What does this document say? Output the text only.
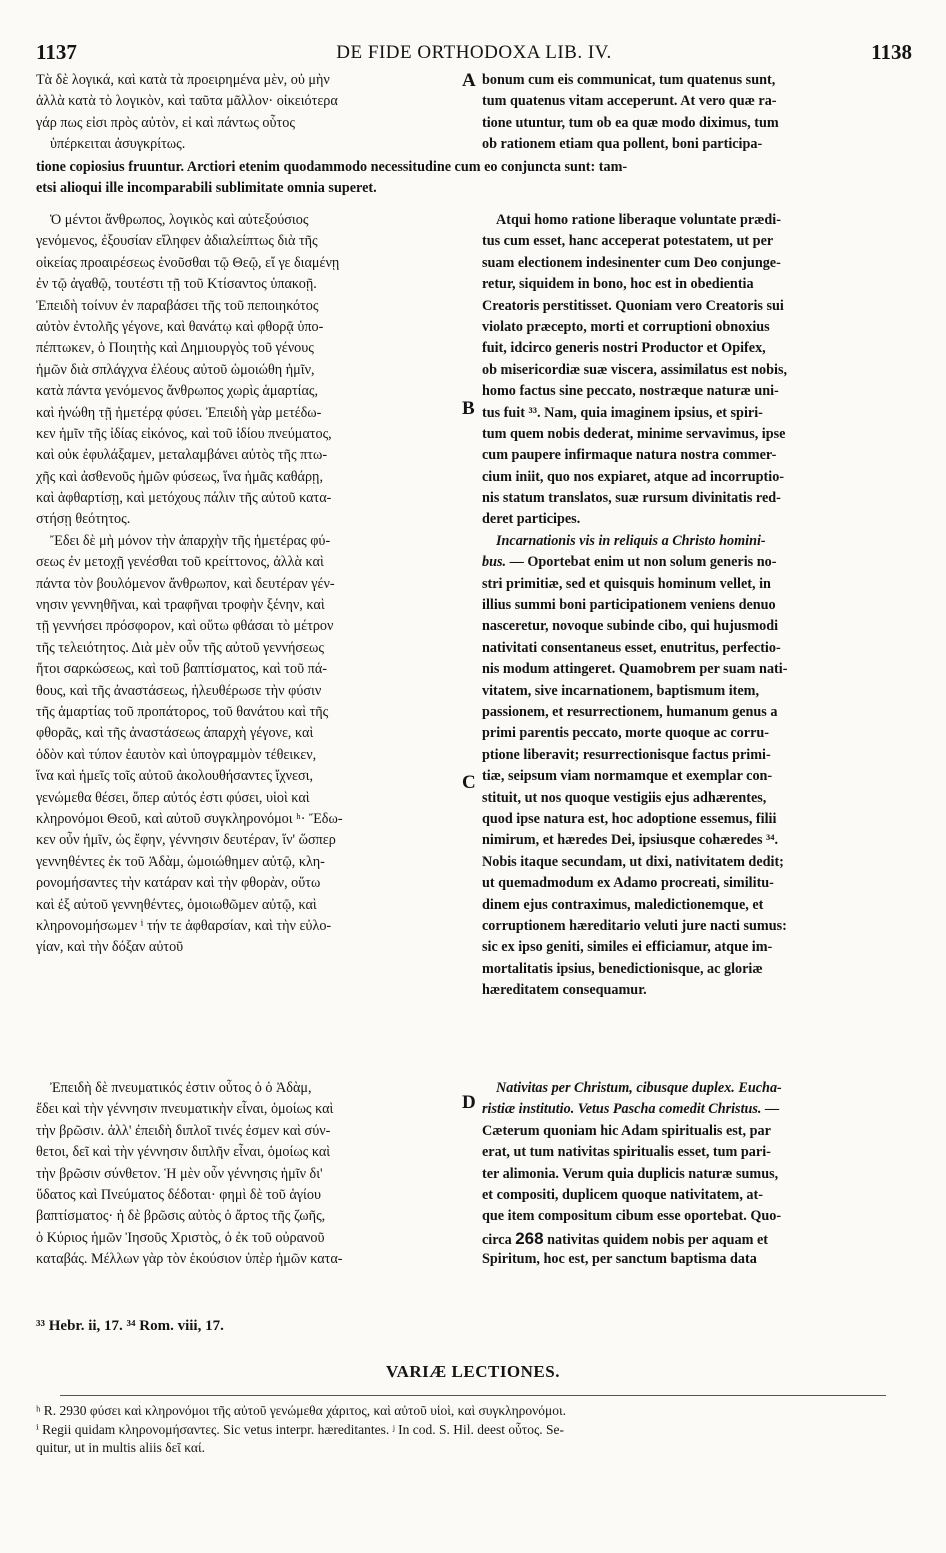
1137	DE FIDE ORTHODOXA LIB. IV.	1138
Τὰ δὲ λογικά, καὶ κατὰ τὰ προειρημένα μὲν, οὐ μὴν
ἀλλὰ κατὰ τὸ λογικὸν, καὶ ταῦτα μᾶλλον· οἰκειότερα
γάρ πως εἰσι πρὸς αὐτὸν, εἰ καὶ πάντως οὗτος
ὑπέρκειται ἀσυγκρίτως.
bonum cum eis communicat, tum quatenus sunt,
tum quatenus vitam acceperunt. At vero quæ ra-
tione utuntur, tum ob ea quæ modo diximus, tum
ob rationem etiam qua pollent, boni participa-
tione copiosius fruuntur. Arctiori etenim quodammodo necessitudine cum eo conjuncta sunt: tam-
etsi alioqui ille incomparabili sublimitate omnia superet.
Ὁ μέντοι ἄνθρωπος, λογικὸς καὶ αὐτεξούσιος
γενόμενος, ἐξουσίαν εἴληφεν ἀδιαλείπτως διὰ τῆς
οἰκείας προαιρέσεως ἑνοῦσθαι τῷ Θεῷ, εἴ γε διαμένῃ
ἐν τῷ ἀγαθῷ, τουτέστι τῇ τοῦ Κτίσαντος ὑπακοῇ.
Ἐπειδὴ τοίνυν ἐν παραβάσει τῆς τοῦ πεποιηκότος
αὐτὸν ἐντολῆς γέγονε, καὶ θανάτῳ καὶ φθορᾷ ὑπο-
πέπτωκεν, ὁ Ποιητὴς καὶ Δημιουργὸς τοῦ γένους
ἡμῶν διὰ σπλάγχνα ἐλέους αὐτοῦ ὡμοιώθη ἡμῖν,
κατὰ πάντα γενόμενος ἄνθρωπος χωρὶς ἁμαρτίας,
καὶ ἡνώθη τῇ ἡμετέρᾳ φύσει. Ἐπειδὴ γὰρ μετέδω-
κεν ἡμῖν τῆς ἰδίας εἰκόνος, καὶ τοῦ ἰδίου πνεύματος,
καὶ οὐκ ἐφυλάξαμεν, μεταλαμβάνει αὐτὸς τῆς πτω-
χῆς καὶ ἀσθενοῦς ἡμῶν φύσεως, ἵνα ἡμᾶς καθάρῃ,
καὶ ἀφθαρτίσῃ, καὶ μετόχους πάλιν τῆς αὐτοῦ κατα-
στήσῃ θεότητος.
Ἔδει δὲ μὴ μόνον τὴν ἀπαρχὴν τῆς ἡμετέρας φύ-
σεως ἐν μετοχῇ γενέσθαι τοῦ κρείττονος, ἀλλὰ καὶ
πάντα τὸν βουλόμενον ἄνθρωπον, καὶ δευτέραν γέν-
νησιν γεννηθῆναι, καὶ τραφῆναι τροφὴν ξένην, καὶ
τῇ γεννήσει πρόσφορον, καὶ οὕτω φθάσαι τὸ μέτρον
τῆς τελειότητος. Διὰ μὲν οὖν τῆς αὐτοῦ γεννήσεως
ἤτοι σαρκώσεως, καὶ τοῦ βαπτίσματος, καὶ τοῦ πά-
θους, καὶ τῆς ἀναστάσεως, ἠλευθέρωσε τὴν φύσιν
τῆς ἁμαρτίας τοῦ προπάτορος, τοῦ θανάτου καὶ τῆς
φθορᾶς, καὶ τῆς ἀναστάσεως ἀπαρχὴ γέγονε, καὶ
ὁδὸν καὶ τύπον ἑαυτὸν καὶ ὑπογραμμὸν τέθεικεν,
ἵνα καὶ ἡμεῖς τοῖς αὐτοῦ ἀκολουθήσαντες ἴχνεσι,
γενώμεθα θέσει, ὅπερ αὐτός ἐστι φύσει, υἱοὶ καὶ
κληρονόμοι Θεοῦ, καὶ αὐτοῦ συγκληρονόμοι ʰ· Ἔδω-
κεν οὖν ἡμῖν, ὡς ἔφην, γέννησιν δευτέραν, ἵν' ὥσπερ
γεννηθέντες ἐκ τοῦ Ἀδὰμ, ὡμοιώθημεν αὐτῷ, κλη-
ρονομήσαντες τὴν κατάραν καὶ τὴν φθορὰν, οὕτω
καὶ ἐξ αὐτοῦ γεννηθέντες, ὁμοιωθῶμεν αὐτῷ, καὶ
κληρονομήσωμεν ⁱ τήν τε ἀφθαρσίαν, καὶ τὴν εὐλο-
γίαν, καὶ τὴν δόξαν αὐτοῦ
Atqui homo ratione liberaque voluntate prædi-
tus cum esset, hanc acceperat potestatem, ut per
suam electionem indesinenter cum Deo conjunge-
retur, siquidem in bono, hoc est in obedientia
Creatoris perstitisset. Quoniam vero Creatoris sui
violato præcepto, morti et corruptioni obnoxius
fuit, idcirco generis nostri Productor et Opifex,
ob misericordiæ suæ viscera, assimilatus est nobis,
homo factus sine peccato, nostræque naturæ uni-
tus fuit ³³. Nam, quia imaginem ipsius, et spiri-
tum quem nobis dederat, minime servavimus, ipse
cum paupere infirmaque natura nostra commer-
cium iniit, quo nos expiaret, atque ad incorruptio-
nis statum translatos, suæ rursum divinitatis red-
deret participes.
Incarnationis vis in reliquis a Christo homini-
bus. — Oportebat enim ut non solum generis no-
stri primitiæ, sed et quisquis hominum vellet, in
illius summi boni participationem veniens denuo
nasceretur, novoque subinde cibo, qui hujusmodi
nativitati consentaneus esset, enutritus, perfectio-
nis modum attingeret. Quamobrem per suam nati-
vitatem, sive incarnationem, baptismum item,
passionem, et resurrectionem, humanum genus a
primi parentis peccato, morte quoque ac corru-
ptione liberavit; resurrectionisque factus primi-
tiæ, seipsum viam normamque et exemplar con-
stituit, ut nos quoque vestigiis ejus adhærentes,
quod ipse natura est, hoc adoptione essemus, filii
nimirum, et hæredes Dei, ipsiusque cohæredes ³⁴.
Nobis itaque secundam, ut dixi, nativitatem dedit;
ut quemadmodum ex Adamo procreati, similitu-
dinem ejus contraximus, maledictionemque, et
corruptionem hæreditario veluti jure nacti sumus:
sic ex ipso geniti, similes ei efficiamur, atque im-
mortalitatis ipsius, benedictionisque, ac gloriæ
hæreditatem consequamur.
Ἐπειδὴ δὲ πνευματικός ἐστιν οὗτος ὁ ὁ Ἀδὰμ,
ἔδει καὶ τὴν γέννησιν πνευματικὴν εἶναι, ὁμοίως καὶ
τὴν βρῶσιν. ἀλλ' ἐπειδὴ διπλοῖ τινές ἐσμεν καὶ σύν-
θετοι, δεῖ καὶ τὴν γέννησιν διπλῆν εἶναι, ὁμοίως καὶ
τὴν βρῶσιν σύνθετον. Ἡ μὲν οὖν γέννησις ἡμῖν δι'
ὕδατος καὶ Πνεύματος δέδοται· φημὶ δὲ τοῦ ἁγίου
βαπτίσματος· ἡ δὲ βρῶσις αὐτὸς ὁ ἄρτος τῆς ζωῆς,
ὁ Κύριος ἡμῶν Ἰησοῦς Χριστὸς, ὁ ἐκ τοῦ οὐρανοῦ
καταβάς. Μέλλων γὰρ τὸν ἑκούσιον ὑπὲρ ἡμῶν κατα-
Nativitas per Christum, cibusque duplex. Eucha-
ristiæ institutio. Vetus Pascha comedit Christus. —
Cæterum quoniam hic Adam spiritualis est, par
erat, ut tum nativitas spiritualis esset, tum pari-
ter alimonia. Verum quia duplicis naturæ sumus,
et compositi, duplicem quoque nativitatem, at-
que item compositum cibum esse oportebat. Quo-
circa 268 nativitas quidem nobis per aquam et
Spiritum, hoc est, per sanctum baptisma data
A
B
C
D
³³ Hebr. ii, 17. ³⁴ Rom. viii, 17.
VARIÆ LECTIONES.
ʰ R. 2930 φύσει καὶ κληρονόμοι τῆς αὐτοῦ γενώμεθα χάριτος, καὶ αὐτοῦ υἱοὶ, καὶ συγκληρονόμοι.
ⁱ Regii quidam κληρονομήσαντες. Sic vetus interpr. hæreditantes. ʲ In cod. S. Hil. deest οὗτος. Se-
quitur, ut in multis aliis δεῖ καί.
